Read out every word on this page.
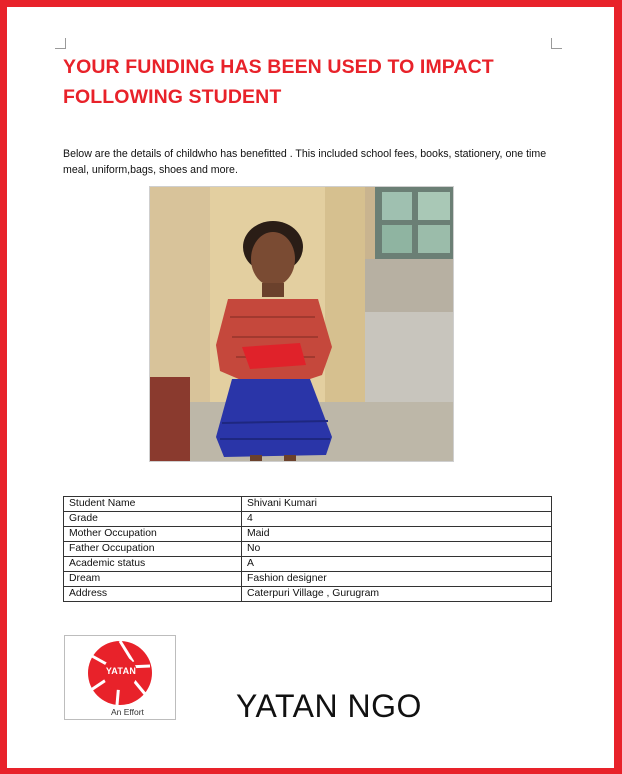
YOUR FUNDING HAS BEEN USED TO IMPACT FOLLOWING STUDENT
Below are the details of childwho has benefitted . This included school fees, books, stationery, one time meal, uniform,bags, shoes and more.
Student Name	Shivani Kumari
Grade	4
Mother Occupation	Maid
Father Occupation	No
Academic status	A
Dream	Fashion designer
Address	Caterpuri Village , Gurugram
YATAN
An Effort	YATAN NGO
